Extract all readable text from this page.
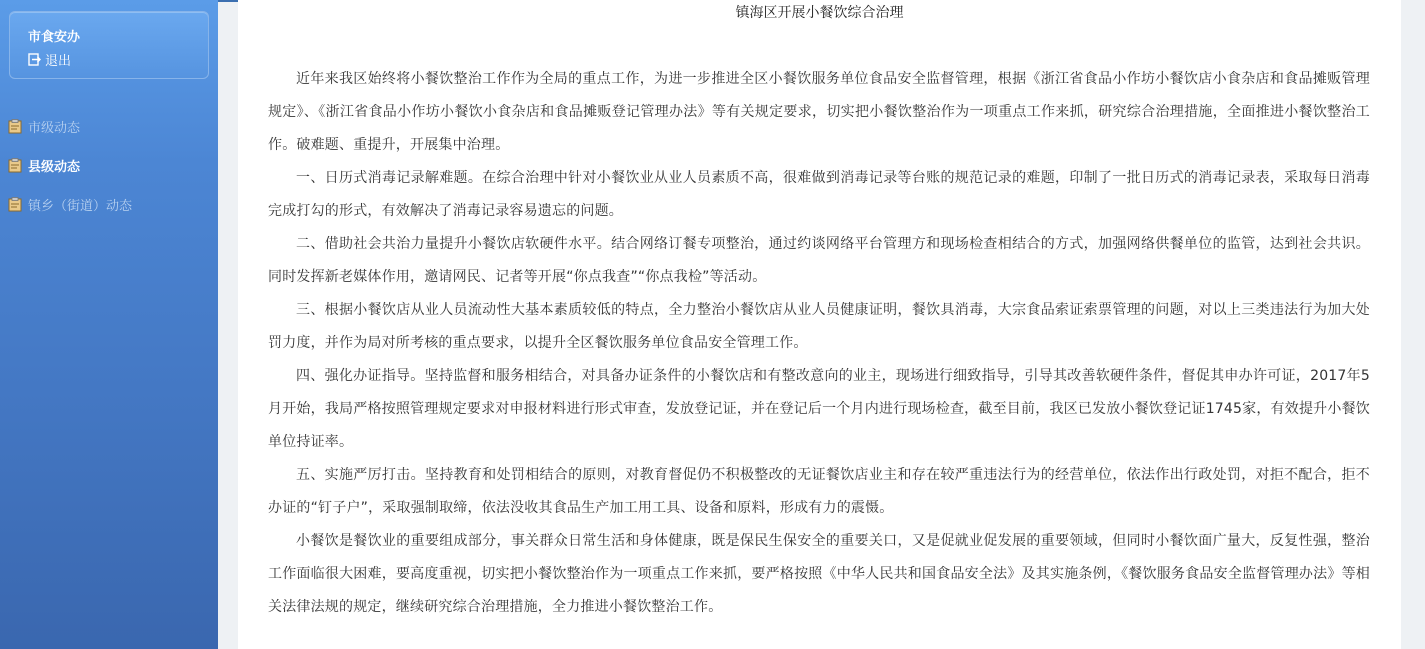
市食安办
退出
市级动态
县级动态
镇乡（街道）动态
镇海区开展小餐饮综合治理

近年来我区始终将小餐饮整治工作作为全局的重点工作，为进一步推进全区小餐饮服务单位食品安全监督管理，根据《浙江省食品小作坊小餐饮店小食杂店和食品摊贩管理规定》、《浙江省食品小作坊小餐饮小食杂店和食品摊贩登记管理办法》等有关规定要求，切实把小餐饮整治作为一项重点工作来抓，研究综合治理措施，全面推进小餐饮整治工作。破难题、重提升，开展集中治理。

一、日历式消毒记录解难题。在综合治理中针对小餐饮业从业人员素质不高，很难做到消毒记录等台账的规范记录的难题，印制了一批日历式的消毒记录表，采取每日消毒完成打勾的形式，有效解决了消毒记录容易遗忘的问题。

二、借助社会共治力量提升小餐饮店软硬件水平。结合网络订餐专项整治，通过约谈网络平台管理方和现场检查相结合的方式，加强网络供餐单位的监管，达到社会共识。同时发挥新老媒体作用，邀请网民、记者等开展“你点我查”“你点我检”等活动。

三、根据小餐饮店从业人员流动性大基本素质较低的特点，全力整治小餐饮店从业人员健康证明，餐饮具消毒，大宗食品索证索票管理的问题，对以上三类违法行为加大处罚力度，并作为局对所考核的重点要求，以提升全区餐饮服务单位食品安全管理工作。

四、强化办证指导。坚持监督和服务相结合，对具备办证条件的小餐饮店和有整改意向的业主，现场进行细致指导，引导其改善软硬件条件，督促其申办许可证，2017年5月开始，我局严格按照管理规定要求对申报材料进行形式审查，发放登记证，并在登记后一个月内进行现场检查，截至目前，我区已发放小餐饮登记证1745家，有效提升小餐饮单位持证率。

五、实施严厉打击。坚持教育和处罚相结合的原则，对教育督促仍不积极整改的无证餐饮店业主和存在较严重违法行为的经营单位，依法作出行政处罚，对拒不配合，拒不办证的“钉子户”，采取强制取缔，依法没收其食品生产加工用工具、设备和原料，形成有力的震慑。

小餐饮是餐饮业的重要组成部分，事关群众日常生活和身体健康，既是保民生保安全的重要关口，又是促就业促发展的重要领域，但同时小餐饮面广量大，反复性强，整治工作面临很大困难，要高度重视，切实把小餐饮整治作为一项重点工作来抓，要严格按照《中华人民共和国食品安全法》及其实施条例，《餐饮服务食品安全监督管理办法》等相关法律法规的规定，继续研究综合治理措施，全力推进小餐饮整治工作。
